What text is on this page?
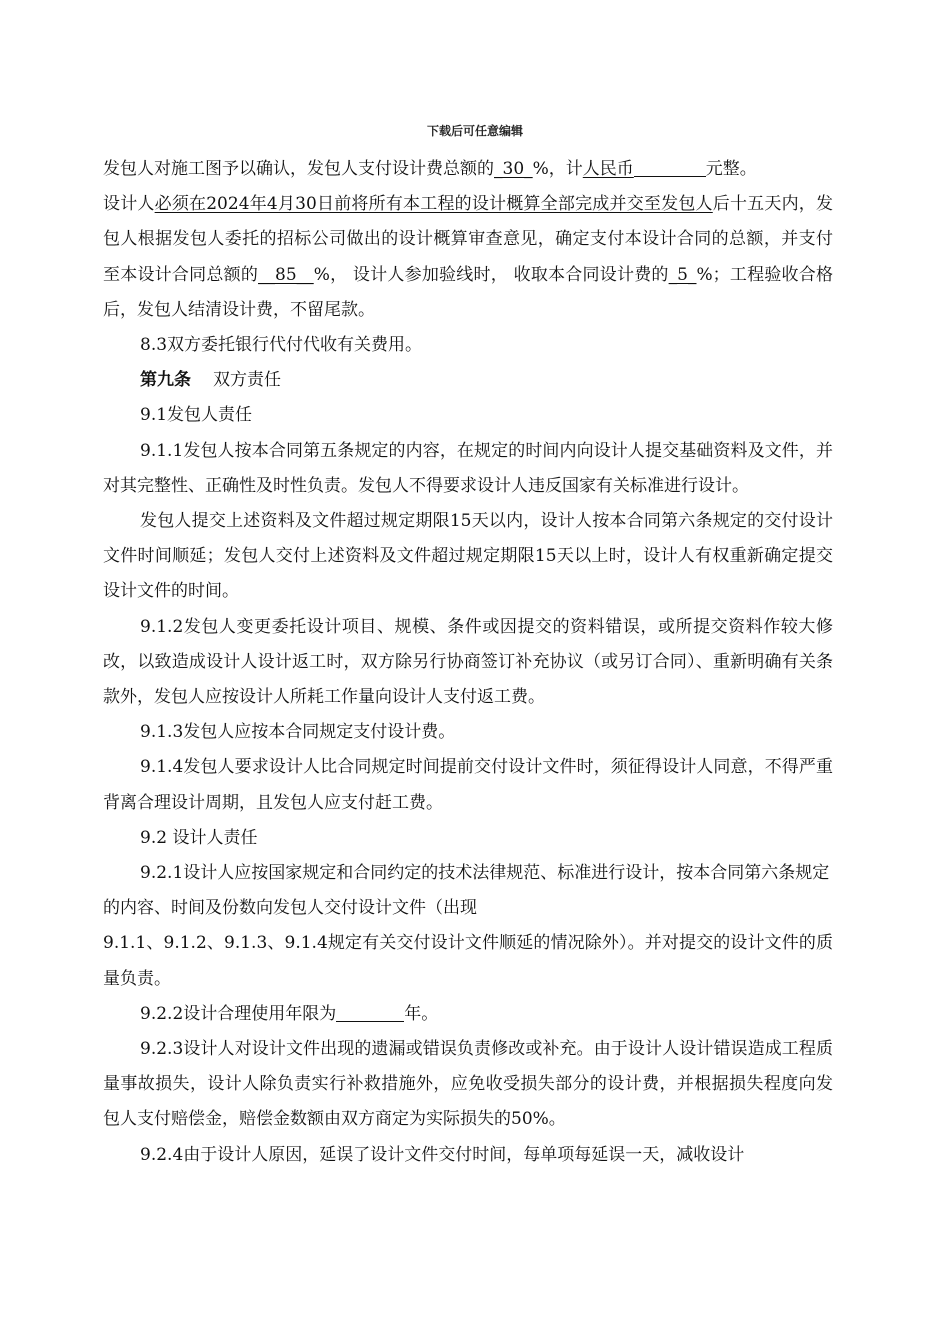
下载后可任意编辑

发包人对施工图予以确认，发包人支付设计费总额的_30_%，计人民币	元整。

设计人必须在2024年4月30日前将所有本工程的设计概算全部完成并交至发包人后十五天内，发包人根据发包人委托的招标公司做出的设计概算审查意见，确定支付本设计合同的总额，并支付至本设计合同总额的__85__%， 设计人参加验线时， 收取本合同设计费的_5_%；工程验收合格后，发包人结清设计费，不留尾款。

8.3双方委托银行代付代收有关费用。

第九条 双方责任

9.1发包人责任

9.1.1发包人按本合同第五条规定的内容，在规定的时间内向设计人提交基础资料及文件，并对其完整性、正确性及时性负责。发包人不得要求设计人违反国家有关标准进行设计。

发包人提交上述资料及文件超过规定期限15天以内，设计人按本合同第六条规定的交付设计文件时间顺延；发包人交付上述资料及文件超过规定期限15天以上时，设计人有权重新确定提交设计文件的时间。

9.1.2发包人变更委托设计项目、规模、条件或因提交的资料错误，或所提交资料作较大修改，以致造成设计人设计返工时，双方除另行协商签订补充协议（或另订合同）、重新明确有关条款外，发包人应按设计人所耗工作量向设计人支付返工费。

9.1.3发包人应按本合同规定支付设计费。

9.1.4发包人要求设计人比合同规定时间提前交付设计文件时，须征得设计人同意，不得严重背离合理设计周期，且发包人应支付赶工费。

9.2 设计人责任

9.2.1设计人应按国家规定和合同约定的技术法律规范、标准进行设计，按本合同第六条规定的内容、时间及份数向发包人交付设计文件（出现

9.1.1、9.1.2、9.1.3、9.1.4规定有关交付设计文件顺延的情况除外）。并对提交的设计文件的质量负责。

9.2.2设计合理使用年限为	年。

9.2.3设计人对设计文件出现的遗漏或错误负责修改或补充。由于设计人设计错误造成工程质量事故损失，设计人除负责实行补救措施外，应免收受损失部分的设计费，并根据损失程度向发包人支付赔偿金，赔偿金数额由双方商定为实际损失的50%。

9.2.4由于设计人原因，延误了设计文件交付时间，每单项每延误一天，减收设计
